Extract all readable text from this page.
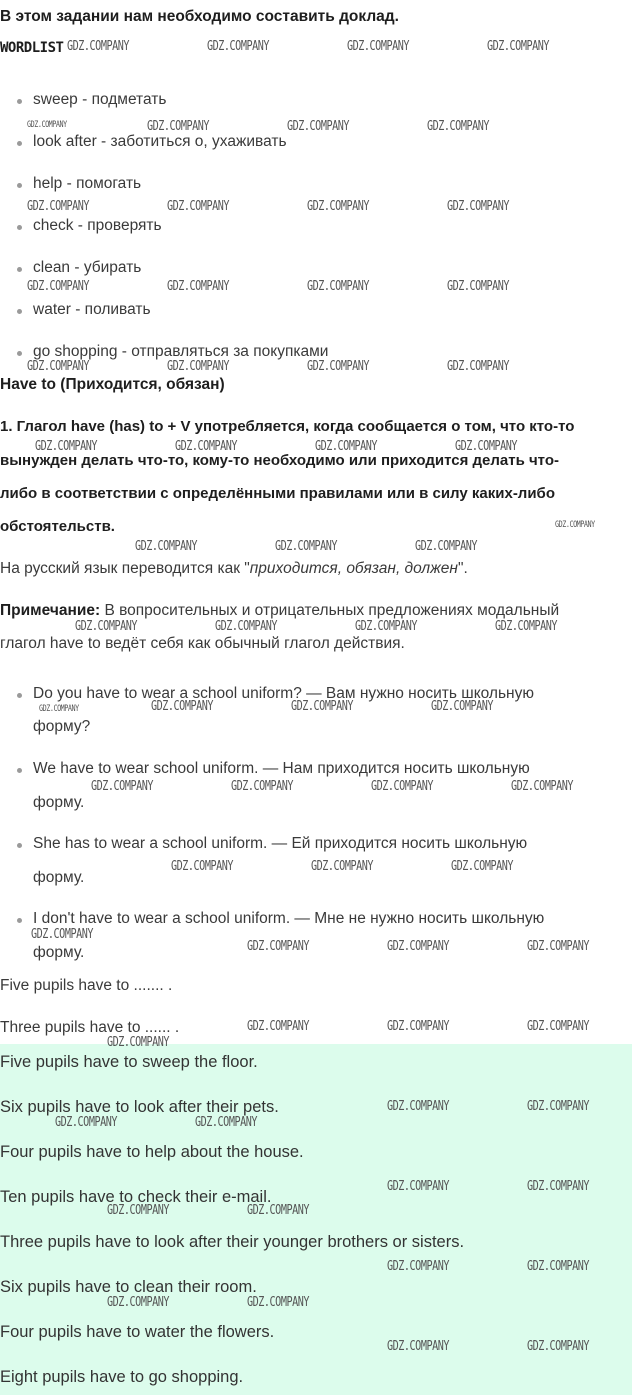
В этом задании нам необходимо составить доклад.
WORDLIST
sweep - подметать
look after - заботиться о, ухаживать
help - помогать
check - проверять
clean - убирать
water - поливать
go shopping - отправляться за покупками
Have to (Приходится, обязан)
1. Глагол have (has) to + V употребляется, когда сообщается о том, что кто-то
вынужден делать что-то, кому-то необходимо или приходится делать что-
либо в соответствии с определёнными правилами или в силу каких-либо
обстоятельств.
На русский язык переводится как "приходится, обязан, должен".
Примечание: В вопросительных и отрицательных предложениях модальный
глагол have to ведёт себя как обычный глагол действия.
Do you have to wear a school uniform? — Вам нужно носить школьную
форму?
We have to wear school uniform. — Нам приходится носить школьную
форму.
She has to wear a school uniform. — Ей приходится носить школьную
форму.
I don't have to wear a school uniform. — Мне не нужно носить школьную
форму.
Five pupils have to ....... .
Three pupils have to ...... .
Five pupils have to sweep the floor.
Six pupils have to look after their pets.
Four pupils have to help about the house.
Ten pupils have to check their e-mail.
Three pupils have to look after their younger brothers or sisters.
Six pupils have to clean their room.
Four pupils have to water the flowers.
Eight pupils have to go shopping.
GDZ.COMPANY	GDZ.COMPANY	GDZ.COMPANY	GDZ.COMPANY
GDZ.COMPANY	GDZ.COMPANY	GDZ.COMPANY	GDZ.COMPANY
GDZ.COMPANY	GDZ.COMPANY	GDZ.COMPANY	GDZ.COMPANY
GDZ.COMPANY	GDZ.COMPANY	GDZ.COMPANY	GDZ.COMPANY
GDZ.COMPANY	GDZ.COMPANY	GDZ.COMPANY	GDZ.COMPANY
GDZ.COMPANY	GDZ.COMPANY	GDZ.COMPANY	GDZ.COMPANY
GDZ.COMPANY
GDZ.COMPANY	GDZ.COMPANY	GDZ.COMPANY
GDZ.COMPANY	GDZ.COMPANY	GDZ.COMPANY	GDZ.COMPANY
GDZ.COMPANY	GDZ.COMPANY	GDZ.COMPANY	GDZ.COMPANY
GDZ.COMPANY	GDZ.COMPANY	GDZ.COMPANY	GDZ.COMPANY
GDZ.COMPANY	GDZ.COMPANY	GDZ.COMPANY
GDZ.COMPANY
GDZ.COMPANY	GDZ.COMPANY	GDZ.COMPANY
GDZ.COMPANY	GDZ.COMPANY	GDZ.COMPANY
GDZ.COMPANY
GDZ.COMPANY	GDZ.COMPANY
GDZ.COMPANY	GDZ.COMPANY
GDZ.COMPANY	GDZ.COMPANY
GDZ.COMPANY	GDZ.COMPANY
GDZ.COMPANY	GDZ.COMPANY
GDZ.COMPANY	GDZ.COMPANY
GDZ.COMPANY	GDZ.COMPANY
